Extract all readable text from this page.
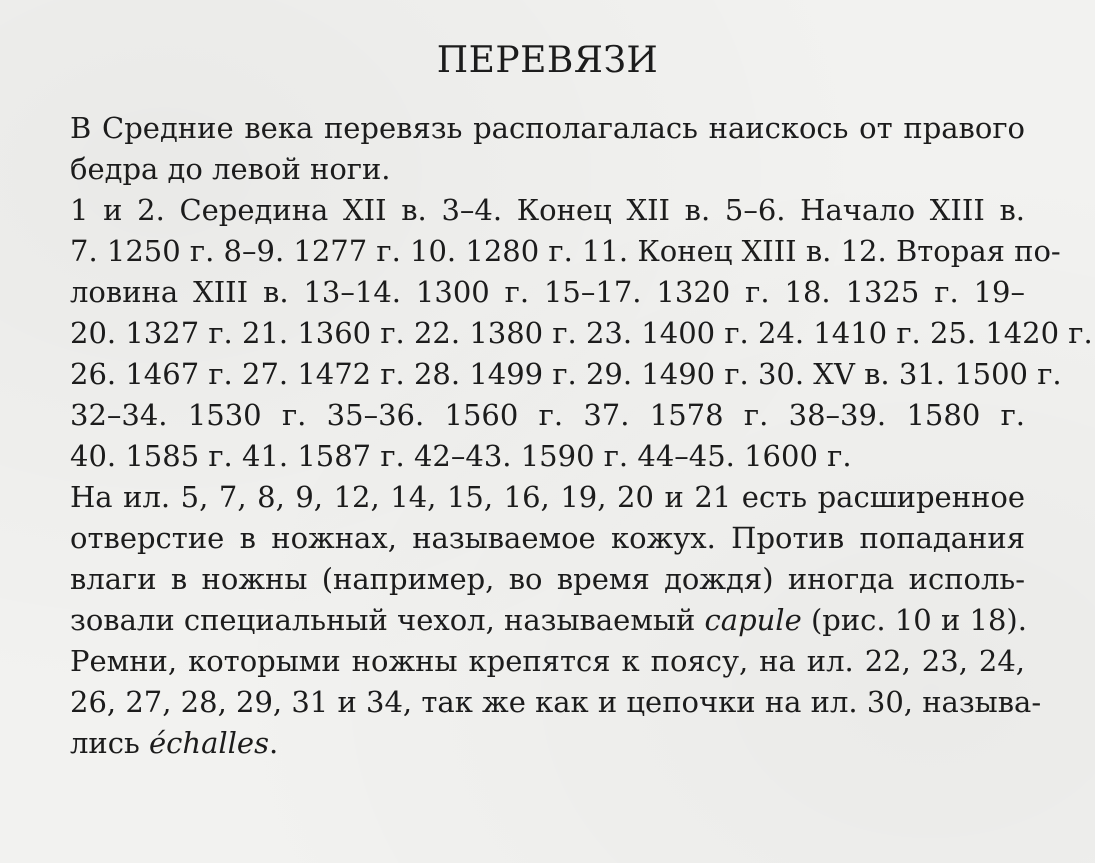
ПЕРЕВЯЗИ
В Средние века перевязь располагалась наискось от правого
бедра до левой ноги.
1 и 2. Середина XII в. 3–4. Конец XII в. 5–6. Начало XIII в.
7. 1250 г. 8–9. 1277 г. 10. 1280 г. 11. Конец XIII в. 12. Вторая по-
ловина XIII в. 13–14. 1300 г. 15–17. 1320 г. 18. 1325 г. 19–
20. 1327 г. 21. 1360 г. 22. 1380 г. 23. 1400 г. 24. 1410 г. 25. 1420 г.
26. 1467 г. 27. 1472 г. 28. 1499 г. 29. 1490 г. 30. XV в. 31. 1500 г.
32–34. 1530 г. 35–36. 1560 г. 37. 1578 г. 38–39. 1580 г.
40. 1585 г. 41. 1587 г. 42–43. 1590 г. 44–45. 1600 г.
На ил. 5, 7, 8, 9, 12, 14, 15, 16, 19, 20 и 21 есть расширенное
отверстие в ножнах, называемое кожух. Против попадания
влаги в ножны (например, во время дождя) иногда исполь-
зовали специальный чехол, называемый capule (рис. 10 и 18).
Ремни, которыми ножны крепятся к поясу, на ил. 22, 23, 24,
26, 27, 28, 29, 31 и 34, так же как и цепочки на ил. 30, называ-
лись échalles.
